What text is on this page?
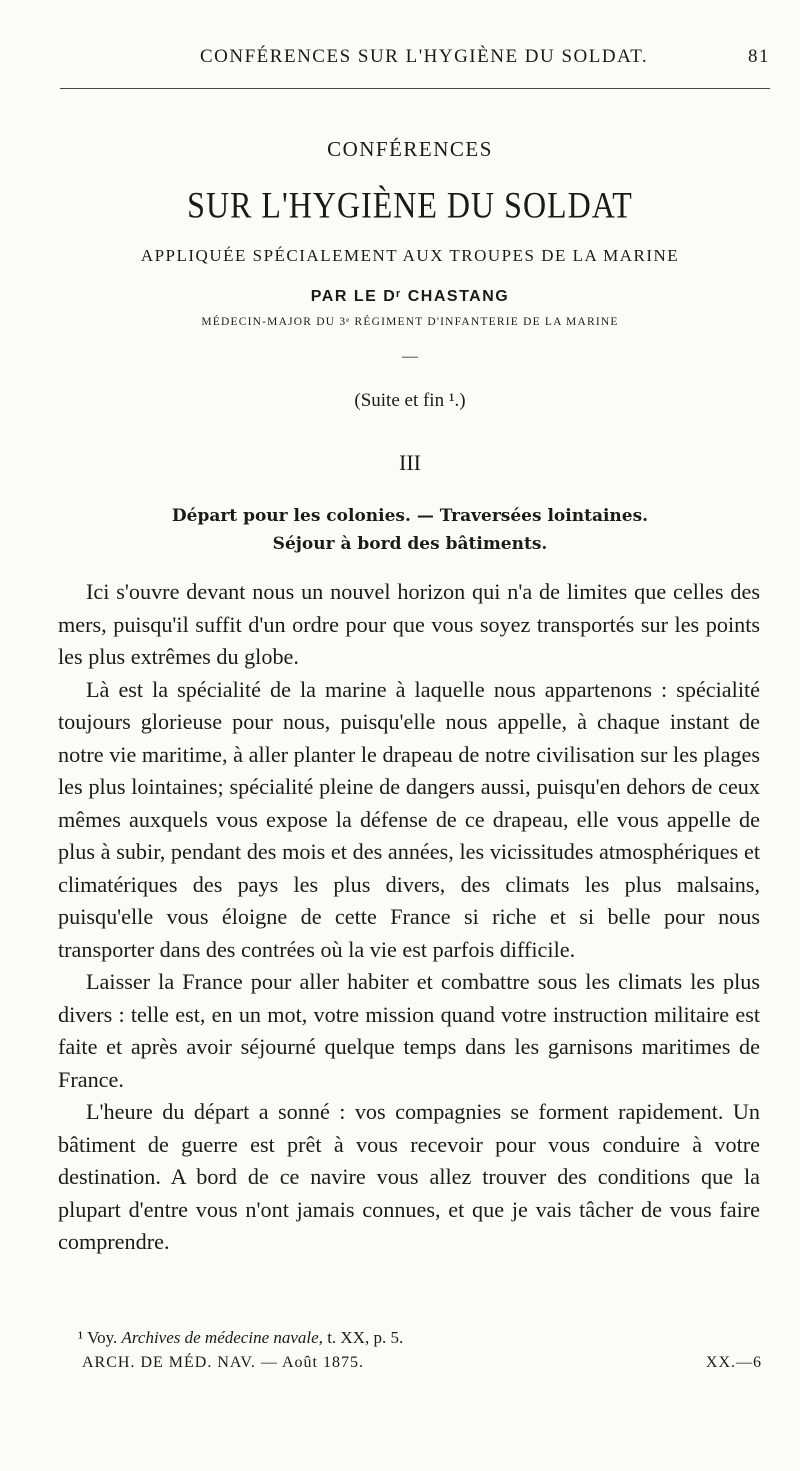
CONFÉRENCES SUR L'HYGIÈNE DU SOLDAT.	81
CONFÉRENCES
SUR L'HYGIÈNE DU SOLDAT
APPLIQUÉE SPÉCIALEMENT AUX TROUPES DE LA MARINE
PAR LE Dʳ CHASTANG
MÉDECIN-MAJOR DU 3ᵉ RÉGIMENT D'INFANTERIE DE LA MARINE
—
(Suite et fin ¹.)
III
Départ pour les colonies. — Traversées lointaines.
Séjour à bord des bâtiments.

Ici s'ouvre devant nous un nouvel horizon qui n'a de limites que celles des mers, puisqu'il suffit d'un ordre pour que vous soyez transportés sur les points les plus extrêmes du globe.

Là est la spécialité de la marine à laquelle nous appartenons : spécialité toujours glorieuse pour nous, puisqu'elle nous appelle, à chaque instant de notre vie maritime, à aller planter le drapeau de notre civilisation sur les plages les plus lointaines; spécialité pleine de dangers aussi, puisqu'en dehors de ceux mêmes auxquels vous expose la défense de ce drapeau, elle vous appelle de plus à subir, pendant des mois et des années, les vicissitudes atmosphériques et climatériques des pays les plus divers, des climats les plus malsains, puisqu'elle vous éloigne de cette France si riche et si belle pour nous transporter dans des contrées où la vie est parfois difficile.

Laisser la France pour aller habiter et combattre sous les climats les plus divers : telle est, en un mot, votre mission quand votre instruction militaire est faite et après avoir séjourné quelque temps dans les garnisons maritimes de France.

L'heure du départ a sonné : vos compagnies se forment rapidement. Un bâtiment de guerre est prêt à vous recevoir pour vous conduire à votre destination. A bord de ce navire vous allez trouver des conditions que la plupart d'entre vous n'ont jamais connues, et que je vais tâcher de vous faire comprendre.

¹ Voy. Archives de médecine navale, t. XX, p. 5.
ARCH. DE MÉD. NAV. — Août 1875.	XX.—6
